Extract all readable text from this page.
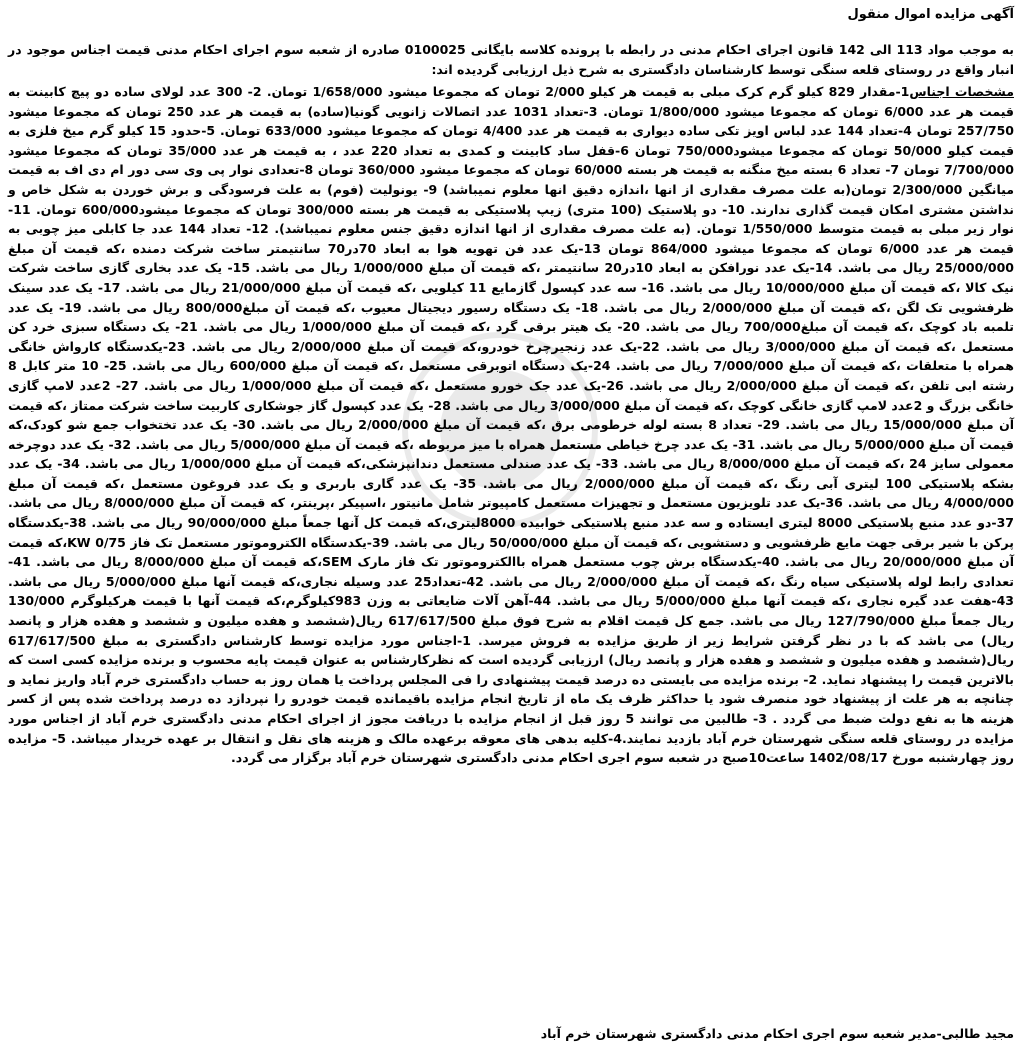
آگهی مزایده اموال منقول
به موجب مواد 113 الی 142 قانون اجرای احکام مدنی در رابطه با پرونده کلاسه بایگانی 0100025 صادره از شعبه سوم اجرای احکام مدنی قیمت اجناس موجود در انبار واقع در روستای قلعه سنگی توسط کارشناسان دادگستری به شرح ذیل ارزیابی گردیده اند:
مشخصات اجناس1-مقدار 829 کیلو گرم کرک مبلی به قیمت هر کیلو 2/000 تومان که مجموعا میشود 1/658/000 تومان. 2- 300 عدد لولای ساده دو پیچ کابینت به قیمت هر عدد 6/000 تومان که مجموعا میشود 1/800/000 تومان. 3-تعداد 1031 عدد اتصالات زانویی گونیا(ساده) به قیمت هر عدد 250 تومان که مجموعا میشود 257/750 تومان 4-تعداد 144 عدد لباس اویز تکی ساده دیواری به قیمت هر عدد 4/400 تومان که مجموعا میشود 633/000 تومان. 5-حدود 15 کیلو گرم میخ فلزی به قیمت کیلو 50/000 تومان که مجموعا میشود750/000 تومان 6-قفل ساد کابینت و کمدی به تعداد 220 عدد ، به قیمت هر عدد 35/000 تومان که مجموعا میشود 7/700/000 تومان 7- تعداد 6 بسته میخ منگنه به قیمت هر بسته 60/000 تومان که مجموعا میشود 360/000 تومان 8-تعدادی نوار پی وی سی دور ام دی اف به قیمت میانگین 2/300/000 تومان(به علت مصرف مقداری از انها ،اندازه دقیق انها معلوم نمیباشد) 9- یونولیت (فوم) به علت فرسودگی و برش خوردن به شکل خاص و نداشتن مشتری امکان قیمت گذاری ندارند. 10- دو پلاستیک (100 متری) زیپ پلاستیکی به قیمت هر بسته 300/000 تومان که مجموعا میشود600/000 تومان. 11- نوار زیر مبلی به قیمت متوسط 1/550/000 تومان. (به علت مصرف مقداری از انها اندازه دقیق جنس معلوم نمیباشد). 12- تعداد 144 عدد جا کابلی میز چوبی به قیمت هر عدد 6/000 تومان که مجموعا میشود 864/000 تومان 13-یک عدد فن تهویه هوا به ابعاد 70در70 سانتیمتر ساخت شرکت دمنده ،که قیمت آن مبلغ 25/000/000 ریال می باشد. 14-یک عدد نورافکن به ابعاد 10در20 سانتیمتر ،که قیمت آن مبلغ 1/000/000 ریال می باشد. 15- یک عدد بخاری گازی ساخت شرکت نیک کالا ،که قیمت آن مبلغ 10/000/000 ریال می باشد. 16- سه عدد کپسول گازمایع 11 کیلویی ،که قیمت آن مبلغ 21/000/000 ریال می باشد. 17- یک عدد سینک ظرفشویی تک لگن ،که قیمت آن مبلغ 2/000/000 ریال می باشد. 18- یک دستگاه رسیور دیجیتال معیوب ،که قیمت آن مبلغ800/000 ریال می باشد. 19- یک عدد تلمبه باد کوچک ،که قیمت آن مبلغ700/000 ریال می باشد. 20- یک هیتر برقی گرد ،که قیمت آن مبلغ 1/000/000 ریال می باشد. 21- یک دستگاه سبزی خرد کن مستعمل ،که قیمت آن مبلغ 3/000/000 ریال می باشد. 22-یک عدد زنجیرچرخ خودرو،که قیمت آن مبلغ 2/000/000 ریال می باشد. 23-یکدستگاه کارواش خانگی همراه با متعلقات ،که قیمت آن مبلغ 7/000/000 ریال می باشد. 24-یک دستگاه اتوبرقی مستعمل ،که قیمت آن مبلغ 600/000 ریال می باشد. 25- 10 متر کابل 8 رشته ابی تلفن ،که قیمت آن مبلغ 2/000/000 ریال می باشد. 26-یک عدد جک خورو مستعمل ،که قیمت آن مبلغ 1/000/000 ریال می باشد. 27- 2عدد لامپ گازی خانگی بزرگ و 2عدد لامپ گازی خانگی کوچک ،که قیمت آن مبلغ 3/000/000 ریال می باشد. 28- یک عدد کپسول گاز جوشکاری کاربیت ساخت شرکت ممتاز ،که قیمت آن مبلغ 15/000/000 ریال می باشد. 29- تعداد 8 بسته لوله خرطومی برق ،که قیمت آن مبلغ 2/000/000 ریال می باشد. 30- یک عدد تختخواب جمع شو کودک،که قیمت آن مبلغ 5/000/000 ریال می باشد. 31- یک عدد چرخ خیاطی مستعمل همراه با میز مربوطه ،که قیمت آن مبلغ 5/000/000 ریال می باشد. 32- یک عدد دوچرخه معمولی سایز 24 ،که قیمت آن مبلغ 8/000/000 ریال می باشد. 33- یک عدد صندلی مستعمل دندانپزشکی،که قیمت آن مبلغ 1/000/000 ریال می باشد. 34- یک عدد بشکه پلاستیکی 100 لیتری آبی رنگ ،که قیمت آن مبلغ 2/000/000 ریال می باشد. 35- یک عدد گاری باربری و یک عدد فروغون مستعمل ،که قیمت آن مبلغ 4/000/000 ریال می باشد. 36-یک عدد تلویزیون مستعمل و تجهیزات مستعمل کامپیوتر شامل مانیتور ،اسپیکر ،پرینتر، که قیمت آن مبلغ 8/000/000 ریال می باشد. 37-دو عدد منبع پلاستیکی 8000 لیتری ایستاده و سه عدد منبع پلاستیکی خوابیده 8000لیتری،که قیمت کل آنها جمعاً مبلغ 90/000/000 ریال می باشد. 38-یکدستگاه پرکن با شیر برقی جهت مایع ظرفشویی و دستشویی ،که قیمت آن مبلغ 50/000/000 ریال می باشد. 39-یکدستگاه الکتروموتور مستعمل تک فاز 0/75 KW،که قیمت آن مبلغ 20/000/000 ریال می باشد. 40-یکدستگاه برش چوب مستعمل همراه باالکتروموتور تک فاز مارک SEM،که قیمت آن مبلغ 8/000/000 ریال می باشد. 41- تعدادی رابط لوله پلاستیکی سیاه رنگ ،که قیمت آن مبلغ 2/000/000 ریال می باشد. 42-تعداد25 عدد وسیله نجاری،که قیمت آنها مبلغ 5/000/000 ریال می باشد. 43-هفت عدد گیره نجاری ،که قیمت آنها مبلغ 5/000/000 ریال می باشد. 44-آهن آلات ضایعاتی به وزن 983کیلوگرم،که قیمت آنها با قیمت هرکیلوگرم 130/000 ریال جمعاً مبلغ 127/790/000 ریال می باشد. جمع کل قیمت اقلام به شرح فوق مبلغ 617/617/500 ریال(ششصد و هفده میلیون و ششصد و هفده هزار و پانصد ریال) می باشد که با در نظر گرفتن شرایط زیر از طریق مزایده به فروش میرسد. 1-اجناس مورد مزایده توسط کارشناس دادگستری به مبلغ 617/617/500 ریال(ششصد و هفده میلیون و ششصد و هفده هزار و پانصد ریال) ارزیابی گردیده است که نظرکارشناس به عنوان قیمت پایه محسوب و برنده مزایده کسی است که بالاترین قیمت را پیشنهاد نماید. 2- برنده مزایده می بایستی ده درصد قیمت پیشنهادی را فی المجلس پرداخت یا همان روز به حساب دادگستری خرم آباد واریز نماید و چنانچه به هر علت از پیشنهاد خود منصرف شود یا حداکثر ظرف یک ماه از تاریخ انجام مزایده باقیمانده قیمت خودرو را نپردازد ده درصد پرداخت شده پس از کسر هزینه ها به نفع دولت ضبط می گردد . 3- طالبین می توانند 5 روز قبل از انجام مزایده با دریافت مجوز از اجرای احکام مدنی دادگستری خرم آباد از اجناس مورد مزایده در روستای قلعه سنگی شهرستان خرم آباد بازدید نمایند.4-کلیه بدهی های معوقه برعهده مالک و هزینه های نقل و انتقال بر عهده خریدار میباشد. 5- مزایده روز چهارشنبه مورخ 1402/08/17 ساعت10صبح در شعبه سوم اجری احکام مدنی دادگستری شهرستان خرم آباد برگزار می گردد.
مجید طالبی-مدیر شعبه سوم اجری احکام مدنی دادگستری شهرستان خرم آباد
